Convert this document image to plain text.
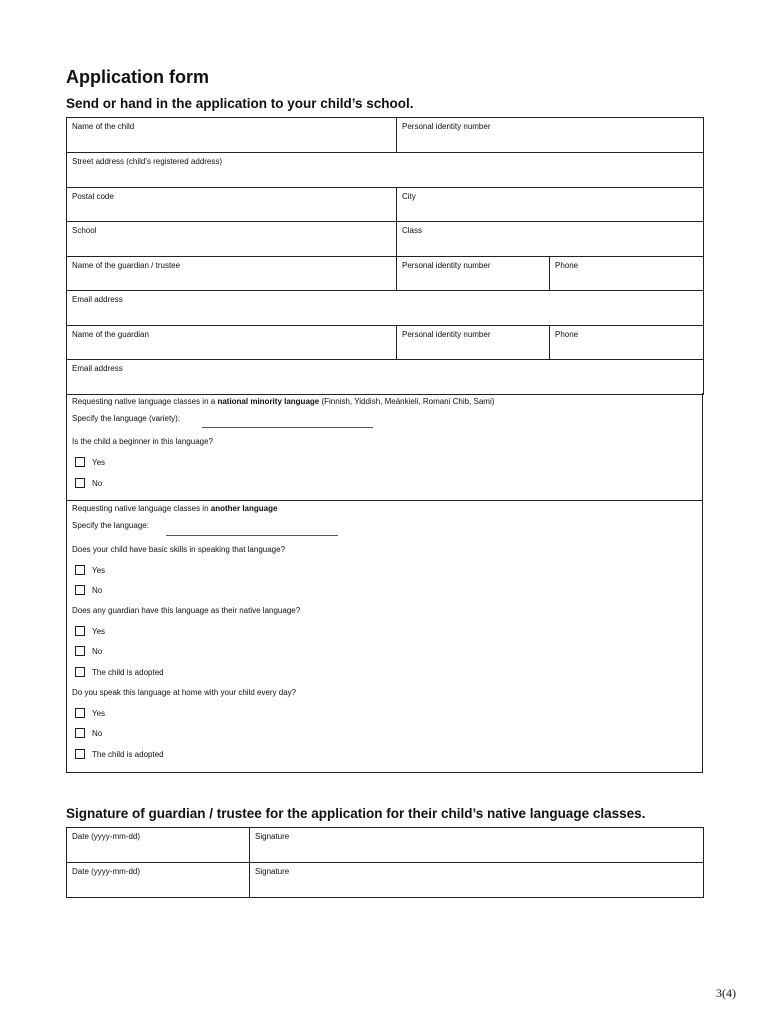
Application form

Send or hand in the application to your child’s school.

Name of the child	Personal identity number	
Street address (child's registered address)		
Postal code	City	
School	Class	
Name of the guardian / trustee	Personal identity number	Phone
Email address		
Name of the guardian	Personal identity number	Phone
Email address		
Requesting native language classes in a national minority language (Finnish, Yiddish, Meänkieli, Romani Chib, Sami)
Specify the language (variety):
Is the child a beginner in this language?
Yes
No
Requesting native language classes in another language
Specify the language:
Does your child have basic skills in speaking that language?
Yes
No
Does any guardian have this language as their native language?
Yes
No
The child is adopted
Do you speak this language at home with your child every day?
Yes
No
The child is adopted

Signature of guardian / trustee for the application for their child’s native language classes.

Date (yyyy-mm-dd)	Signature
Date (yyyy-mm-dd)	Signature
3(4)
